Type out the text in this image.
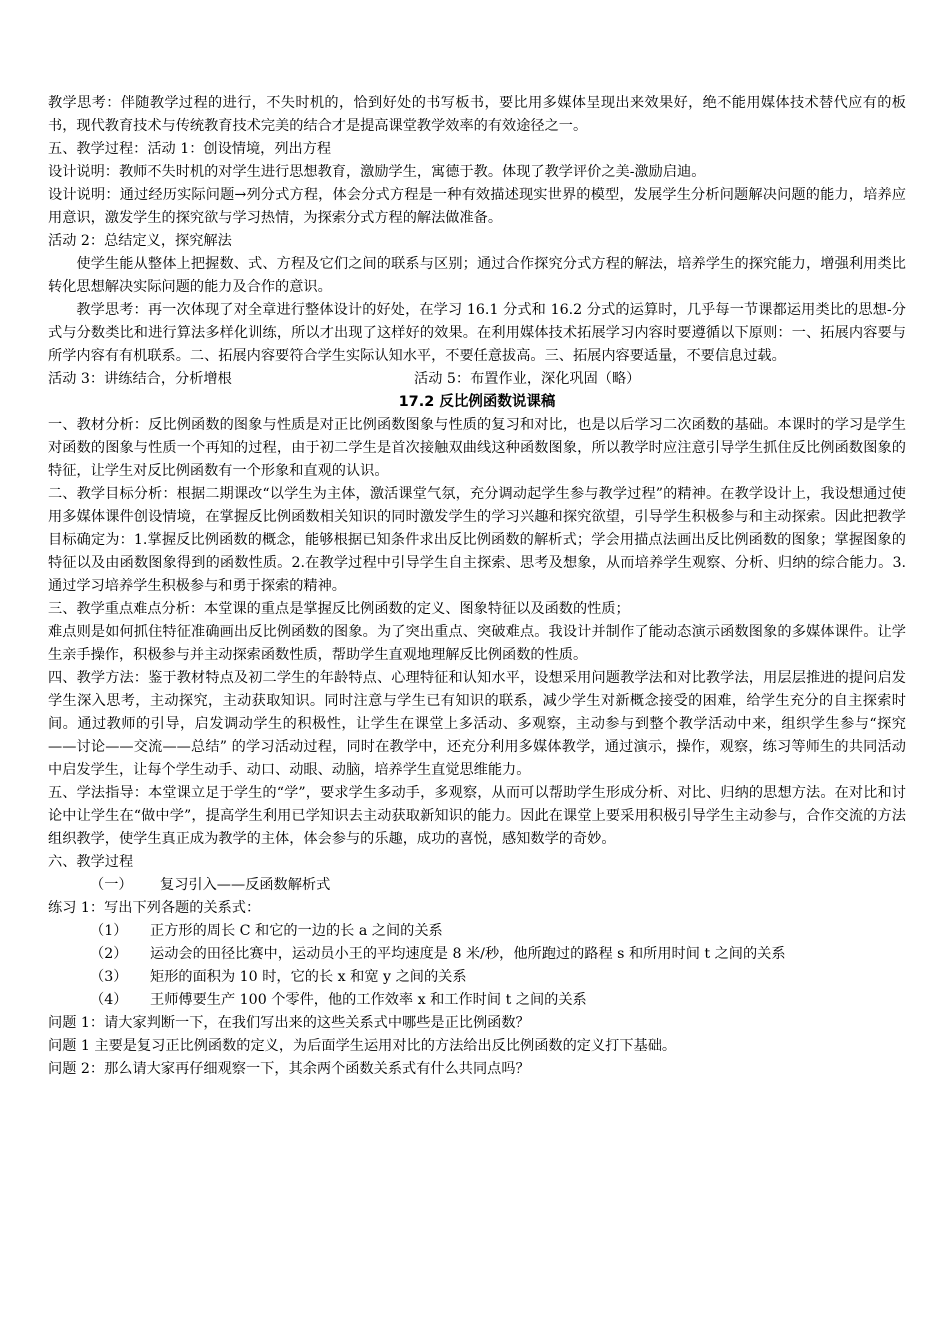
教学思考：伴随教学过程的进行，不失时机的，恰到好处的书写板书，要比用多媒体呈现出来效果好，绝不能用媒体技术替代应有的板书，现代教育技术与传统教育技术完美的结合才是提高课堂教学效率的有效途径之一。

五、教学过程：活动 1：创设情境，列出方程

设计说明：教师不失时机的对学生进行思想教育，激励学生，寓德于教。体现了教学评价之美-激励启迪。

设计说明：通过经历实际问题→列分式方程，体会分式方程是一种有效描述现实世界的模型，发展学生分析问题解决问题的能力，培养应用意识，激发学生的探究欲与学习热情，为探索分式方程的解法做准备。

活动 2：总结定义，探究解法

使学生能从整体上把握数、式、方程及它们之间的联系与区别；通过合作探究分式方程的解法，培养学生的探究能力，增强利用类比转化思想解决实际问题的能力及合作的意识。

教学思考：再一次体现了对全章进行整体设计的好处，在学习 16.1 分式和 16.2 分式的运算时，几乎每一节课都运用类比的思想-分式与分数类比和进行算法多样化训练，所以才出现了这样好的效果。在利用媒体技术拓展学习内容时要遵循以下原则：一、拓展内容要与所学内容有有机联系。二、拓展内容要符合学生实际认知水平，不要任意拔高。三、拓展内容要适量，不要信息过载。

活动 3：讲练结合，分析增根	活动 5：布置作业，深化巩固（略）

17.2 反比例函数说课稿

一、教材分析：反比例函数的图象与性质是对正比例函数图象与性质的复习和对比，也是以后学习二次函数的基础。本课时的学习是学生对函数的图象与性质一个再知的过程，由于初二学生是首次接触双曲线这种函数图象，所以教学时应注意引导学生抓住反比例函数图象的特征，让学生对反比例函数有一个形象和直观的认识。

二、教学目标分析：根据二期课改“以学生为主体，激活课堂气氛，充分调动起学生参与教学过程”的精神。在教学设计上，我设想通过使用多媒体课件创设情境，在掌握反比例函数相关知识的同时激发学生的学习兴趣和探究欲望，引导学生积极参与和主动探索。因此把教学目标确定为：1.掌握反比例函数的概念，能够根据已知条件求出反比例函数的解析式；学会用描点法画出反比例函数的图象；掌握图象的特征以及由函数图象得到的函数性质。2.在教学过程中引导学生自主探索、思考及想象，从而培养学生观察、分析、归纳的综合能力。3.通过学习培养学生积极参与和勇于探索的精神。

三、教学重点难点分析：本堂课的重点是掌握反比例函数的定义、图象特征以及函数的性质；

难点则是如何抓住特征准确画出反比例函数的图象。为了突出重点、突破难点。我设计并制作了能动态演示函数图象的多媒体课件。让学生亲手操作，积极参与并主动探索函数性质，帮助学生直观地理解反比例函数的性质。

四、教学方法：鉴于教材特点及初二学生的年龄特点、心理特征和认知水平，设想采用问题教学法和对比教学法，用层层推进的提问启发学生深入思考，主动探究，主动获取知识。同时注意与学生已有知识的联系，减少学生对新概念接受的困难，给学生充分的自主探索时间。通过教师的引导，启发调动学生的积极性，让学生在课堂上多活动、多观察，主动参与到整个教学活动中来，组织学生参与“探究——讨论——交流——总结” 的学习活动过程，同时在教学中，还充分利用多媒体教学，通过演示，操作，观察，练习等师生的共同活动中启发学生，让每个学生动手、动口、动眼、动脑，培养学生直觉思维能力。

五、学法指导：本堂课立足于学生的“学”，要求学生多动手，多观察，从而可以帮助学生形成分析、对比、归纳的思想方法。在对比和讨论中让学生在“做中学”，提高学生利用已学知识去主动获取新知识的能力。因此在课堂上要采用积极引导学生主动参与，合作交流的方法组织教学，使学生真正成为教学的主体，体会参与的乐趣，成功的喜悦，感知数学的奇妙。

六、教学过程

（一）	复习引入——反函数解析式

练习 1：写出下列各题的关系式：

（1）	正方形的周长 C 和它的一边的长 a 之间的关系
（2）	运动会的田径比赛中，运动员小王的平均速度是 8 米/秒，他所跑过的路程 s 和所用时间 t 之间的关系
（3）	矩形的面积为 10 时，它的长 x 和宽 y 之间的关系
（4）	王师傅要生产 100 个零件，他的工作效率 x 和工作时间 t 之间的关系

问题 1：请大家判断一下，在我们写出来的这些关系式中哪些是正比例函数？

问题 1 主要是复习正比例函数的定义，为后面学生运用对比的方法给出反比例函数的定义打下基础。

问题 2：那么请大家再仔细观察一下，其余两个函数关系式有什么共同点吗？
